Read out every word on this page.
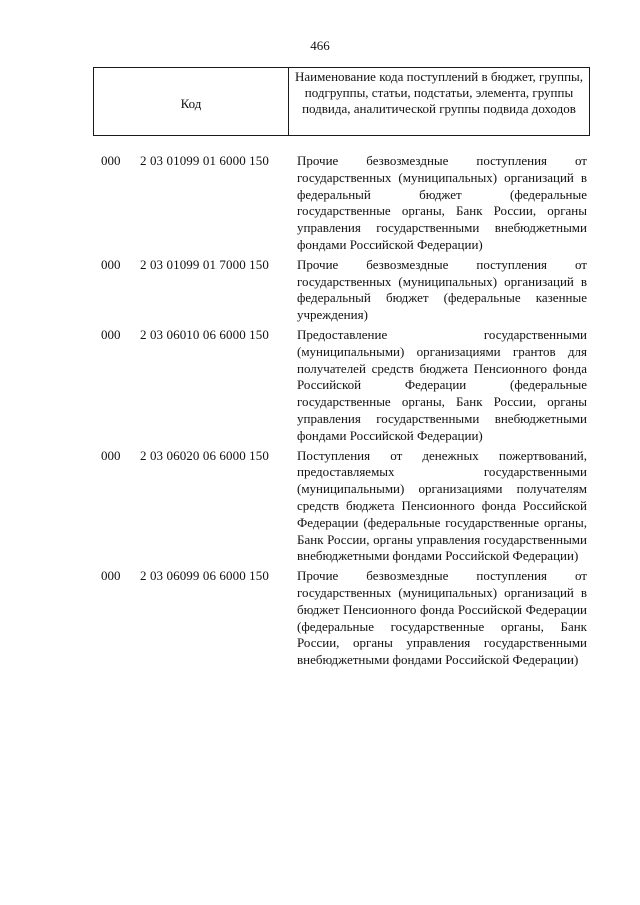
466
Код
Наименование кода поступлений в бюджет, группы, подгруппы, статьи, подстатьи, элемента, группы подвида, аналитической группы подвида доходов
000 2 03 01099 01 6000 150 Прочие безвозмездные поступления от государственных (муниципальных) организаций в федеральный бюджет (федеральные государственные органы, Банк России, органы управления государственными внебюджетными фондами Российской Федерации)
000 2 03 01099 01 7000 150 Прочие безвозмездные поступления от государственных (муниципальных) организаций в федеральный бюджет (федеральные казенные учреждения)
000 2 03 06010 06 6000 150 Предоставление государственными (муниципальными) организациями грантов для получателей средств бюджета Пенсионного фонда Российской Федерации (федеральные государственные органы, Банк России, органы управления государственными внебюджетными фондами Российской Федерации)
000 2 03 06020 06 6000 150 Поступления от денежных пожертвований, предоставляемых государственными (муниципальными) организациями получателям средств бюджета Пенсионного фонда Российской Федерации (федеральные государственные органы, Банк России, органы управления государственными внебюджетными фондами Российской Федерации)
000 2 03 06099 06 6000 150 Прочие безвозмездные поступления от государственных (муниципальных) организаций в бюджет Пенсионного фонда Российской Федерации (федеральные государственные органы, Банк России, органы управления государственными внебюджетными фондами Российской Федерации)
